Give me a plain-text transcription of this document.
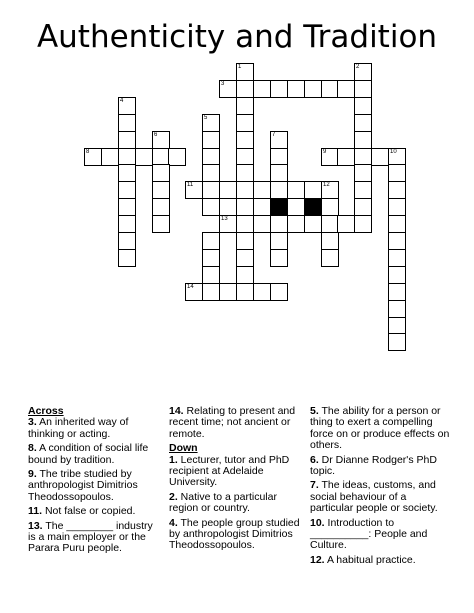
Authenticity and Tradition
1	2
3
4
5
6	7
8	9	10
11	12
13
14
Across
3. An inherited way of thinking or acting.
8. A condition of social life bound by tradition.
9. The tribe studied by anthropologist Dimitrios Theodossopoulos.
11. Not false or copied.
13. The ________ industry is a main employer or the Parara Puru people.
14. Relating to present and recent time; not ancient or remote.
Down
1. Lecturer, tutor and PhD recipient at Adelaide University.
2. Native to a particular region or country.
4. The people group studied by anthropologist Dimitrios Theodossopoulos.
5. The ability for a person or thing to exert a compelling force on or produce effects on others.
6. Dr Dianne Rodger's PhD topic.
7. The ideas, customs, and social behaviour of a particular people or society.
10. Introduction to __________: People and Culture.
12. A habitual practice.
